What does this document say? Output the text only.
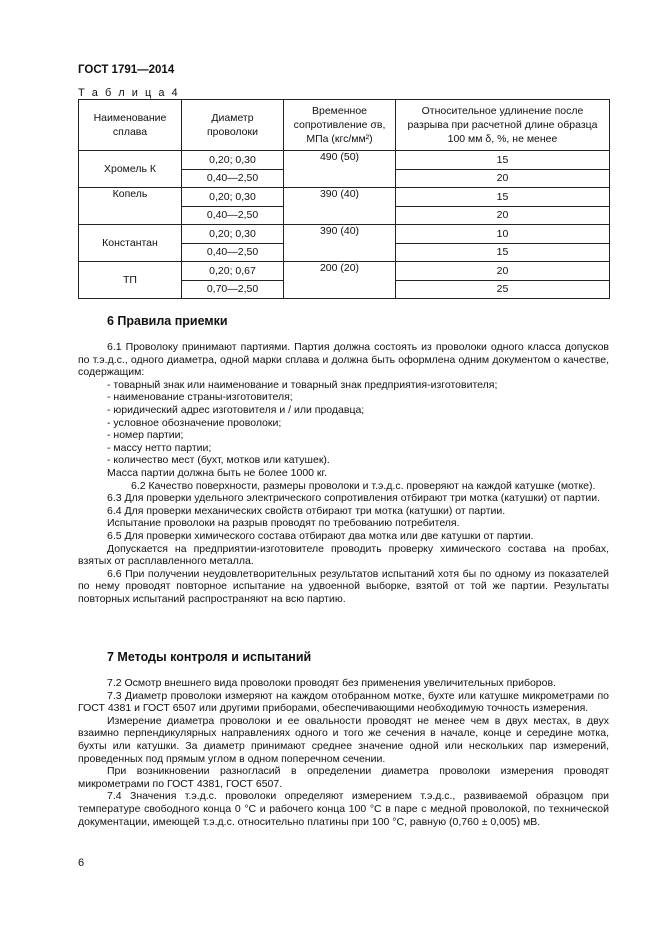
ГОСТ 1791—2014
Т а б л и ц а 4
Наименование сплава	Диаметр проволоки	Временное сопротивление σв, МПа (кгс/мм²)	Относительное удлинение после разрыва при расчетной длине образца 100 мм δ, %, не менее
Хромель К	0,20; 0,30	490 (50)	15
	0,40—2,50		20
Копель	0,20; 0,30	390 (40)	15
	0,40—2,50		20
Константан	0,20; 0,30	390 (40)	10
	0,40—2,50		15
ТП	0,20; 0,67	200 (20)	20
	0,70—2,50		25
6 Правила приемки

6.1 Проволоку принимают партиями. Партия должна состоять из проволоки одного класса допусков по т.э.д.с., одного диаметра, одной марки сплава и должна быть оформлена одним документом о качестве, содержащим:

- товарный знак или наименование и товарный знак предприятия-изготовителя;

- наименование страны-изготовителя;

- юридический адрес изготовителя и / или продавца;

- условное обозначение проволоки;

- номер партии;

- массу нетто партии;

- количество мест (бухт, мотков или катушек).

Масса партии должна быть не более 1000 кг.

6.2 Качество поверхности, размеры проволоки и т.э.д.с. проверяют на каждой катушке (мотке).

6.3 Для проверки удельного электрического сопротивления отбирают три мотка (катушки) от партии.

6.4 Для проверки механических свойств отбирают три мотка (катушки) от партии.

Испытание проволоки на разрыв проводят по требованию потребителя.

6.5 Для проверки химического состава отбирают два мотка или две катушки от партии.

Допускается на предприятии-изготовителе проводить проверку химического состава на пробах, взятых от расплавленного металла.

6.6 При получении неудовлетворительных результатов испытаний хотя бы по одному из показателей по нему проводят повторное испытание на удвоенной выборке, взятой от той же партии. Результаты повторных испытаний распространяют на всю партию.

7 Методы контроля и испытаний

7.2 Осмотр внешнего вида проволоки проводят без применения увеличительных приборов.

7.3 Диаметр проволоки измеряют на каждом отобранном мотке, бухте или катушке микрометрами по ГОСТ 4381 и ГОСТ 6507 или другими приборами, обеспечивающими необходимую точность измерения.

Измерение диаметра проволоки и ее овальности проводят не менее чем в двух местах, в двух взаимно перпендикулярных направлениях одного и того же сечения в начале, конце и середине мотка, бухты или катушки. За диаметр принимают среднее значение одной или нескольких пар измерений, проведенных под прямым углом в одном поперечном сечении.

При возникновении разногласий в определении диаметра проволоки измерения проводят микрометрами по ГОСТ 4381, ГОСТ 6507.

7.4 Значения т.э.д.с. проволоки определяют измерением т.э.д.с., развиваемой образцом при температуре свободного конца 0 °С и рабочего конца 100 °С в паре с медной проволокой, по технической документации, имеющей т.э.д.с. относительно платины при 100 °С, равную (0,760 ± 0,005) мВ.

6
